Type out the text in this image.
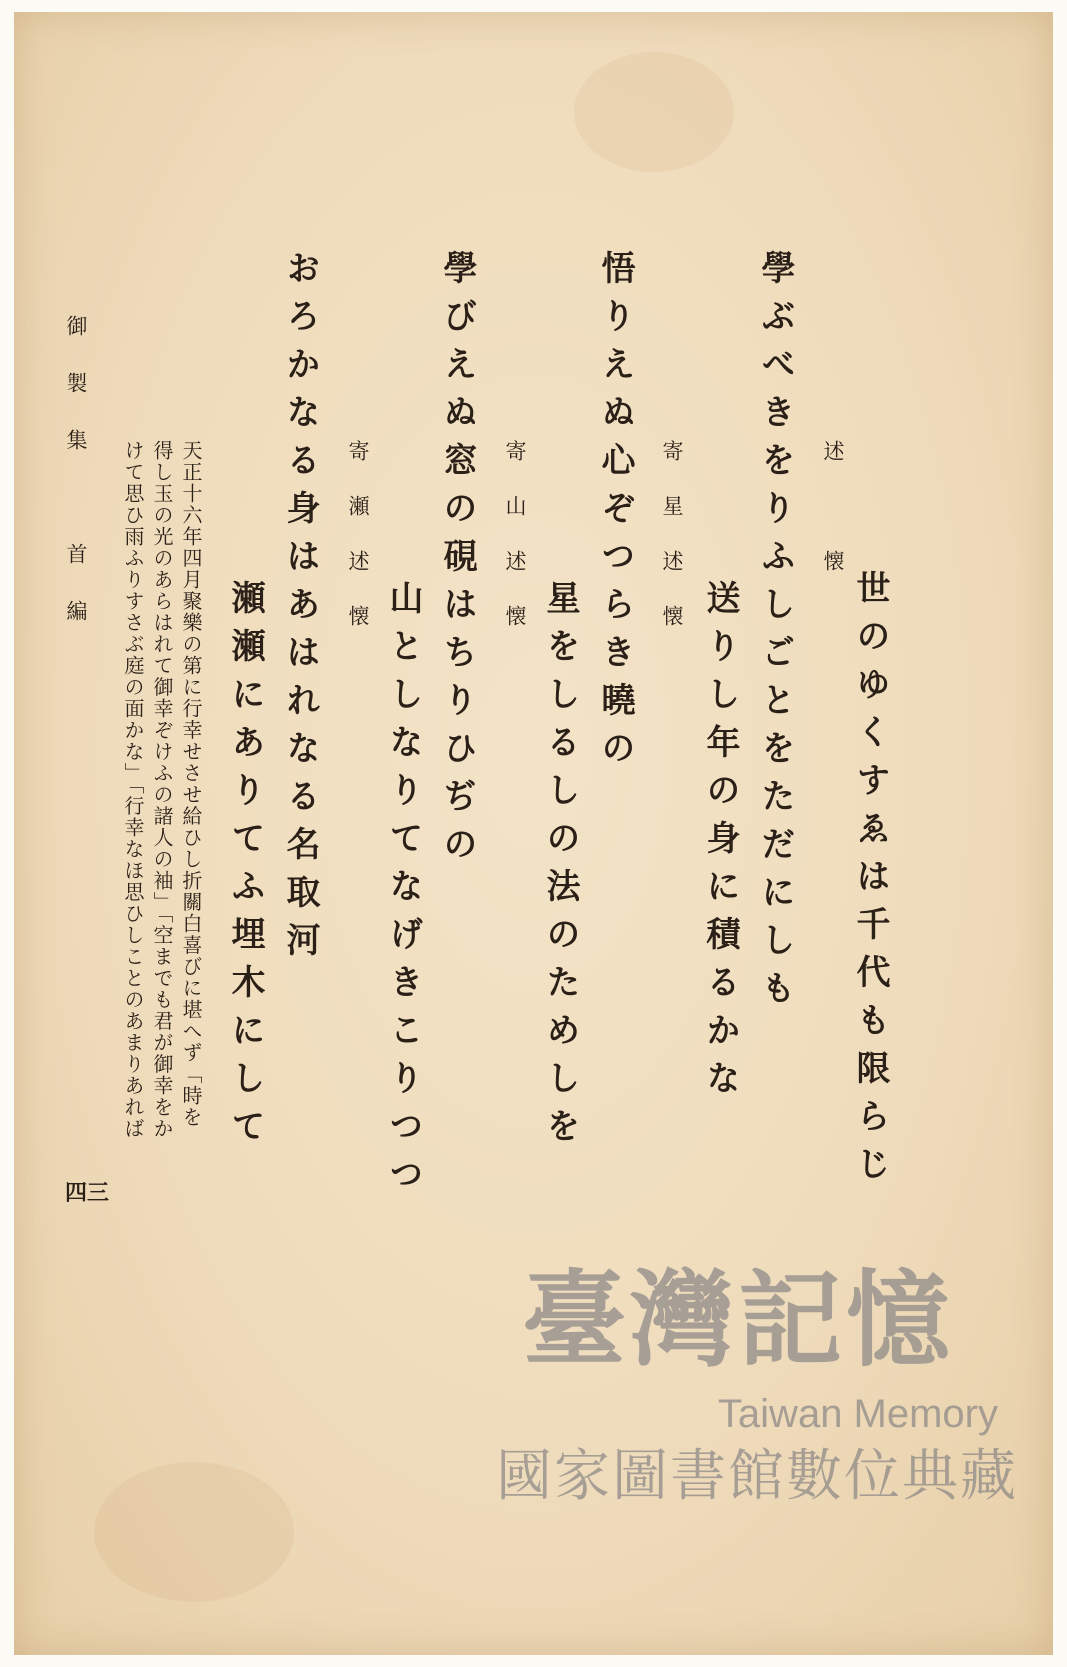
世のゆくすゑは千代も限らじ
述　懐
學ぶべきをりふしごとをただにしも
送りし年の身に積るかな
寄星述懐
悟りえぬ心ぞつらき曉の
星をしるしの法のためしを
寄山述懐
學びえぬ窓の硯はちりひぢの
山としなりてなげきこりつつ
寄瀬述懐
おろかなる身はあはれなる名取河
瀬瀬にありてふ埋木にして
天正十六年四月聚樂の第に行幸せさせ給ひし折關白喜びに堪へず「時を
得し玉の光のあらはれて御幸ぞけふの諸人の袖」「空までも君が御幸をか
けて思ひ雨ふりすさぶ庭の面かな」「行幸なほ思ひしことのあまりあれば
御製集　首編
四三
臺灣記憶
Taiwan Memory
國家圖書館數位典藏
